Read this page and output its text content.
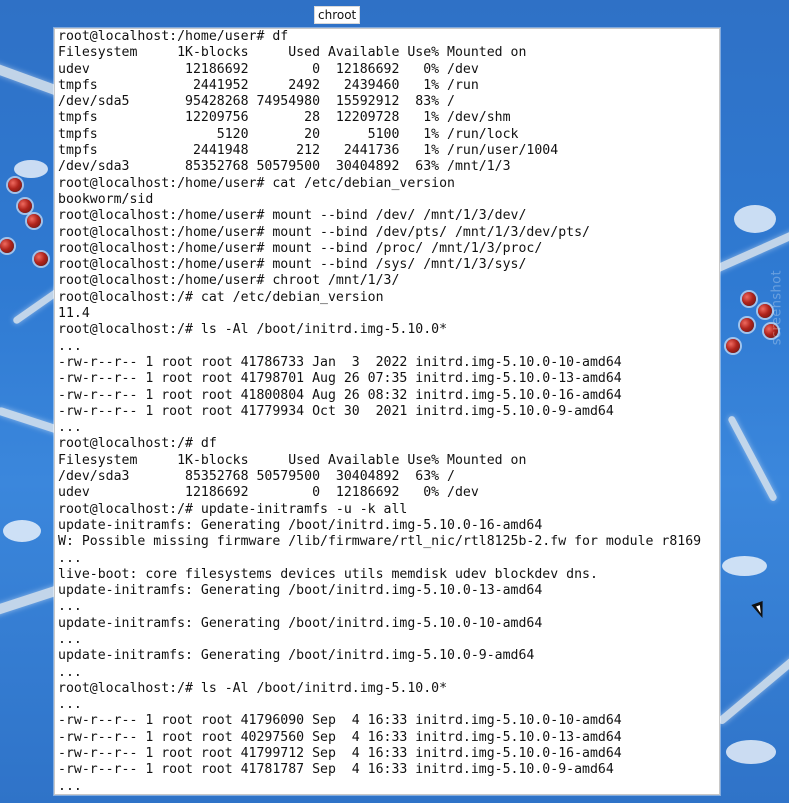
screenshot
chroot
root@localhost:/home/user# df
Filesystem     1K-blocks     Used Available Use% Mounted on
udev            12186692        0  12186692   0% /dev
tmpfs            2441952     2492   2439460   1% /run
/dev/sda5       95428268 74954980  15592912  83% /
tmpfs           12209756       28  12209728   1% /dev/shm
tmpfs               5120       20      5100   1% /run/lock
tmpfs            2441948      212   2441736   1% /run/user/1004
/dev/sda3       85352768 50579500  30404892  63% /mnt/1/3
root@localhost:/home/user# cat /etc/debian_version
bookworm/sid
root@localhost:/home/user# mount --bind /dev/ /mnt/1/3/dev/
root@localhost:/home/user# mount --bind /dev/pts/ /mnt/1/3/dev/pts/
root@localhost:/home/user# mount --bind /proc/ /mnt/1/3/proc/
root@localhost:/home/user# mount --bind /sys/ /mnt/1/3/sys/
root@localhost:/home/user# chroot /mnt/1/3/
root@localhost:/# cat /etc/debian_version
11.4
root@localhost:/# ls -Al /boot/initrd.img-5.10.0*
...
-rw-r--r-- 1 root root 41786733 Jan  3  2022 initrd.img-5.10.0-10-amd64
-rw-r--r-- 1 root root 41798701 Aug 26 07:35 initrd.img-5.10.0-13-amd64
-rw-r--r-- 1 root root 41800804 Aug 26 08:32 initrd.img-5.10.0-16-amd64
-rw-r--r-- 1 root root 41779934 Oct 30  2021 initrd.img-5.10.0-9-amd64
...
root@localhost:/# df
Filesystem     1K-blocks     Used Available Use% Mounted on
/dev/sda3       85352768 50579500  30404892  63% /
udev            12186692        0  12186692   0% /dev
root@localhost:/# update-initramfs -u -k all
update-initramfs: Generating /boot/initrd.img-5.10.0-16-amd64
W: Possible missing firmware /lib/firmware/rtl_nic/rtl8125b-2.fw for module r8169
...
live-boot: core filesystems devices utils memdisk udev blockdev dns.
update-initramfs: Generating /boot/initrd.img-5.10.0-13-amd64
...
update-initramfs: Generating /boot/initrd.img-5.10.0-10-amd64
...
update-initramfs: Generating /boot/initrd.img-5.10.0-9-amd64
...
root@localhost:/# ls -Al /boot/initrd.img-5.10.0*
...
-rw-r--r-- 1 root root 41796090 Sep  4 16:33 initrd.img-5.10.0-10-amd64
-rw-r--r-- 1 root root 40297560 Sep  4 16:33 initrd.img-5.10.0-13-amd64
-rw-r--r-- 1 root root 41799712 Sep  4 16:33 initrd.img-5.10.0-16-amd64
-rw-r--r-- 1 root root 41781787 Sep  4 16:33 initrd.img-5.10.0-9-amd64
...
